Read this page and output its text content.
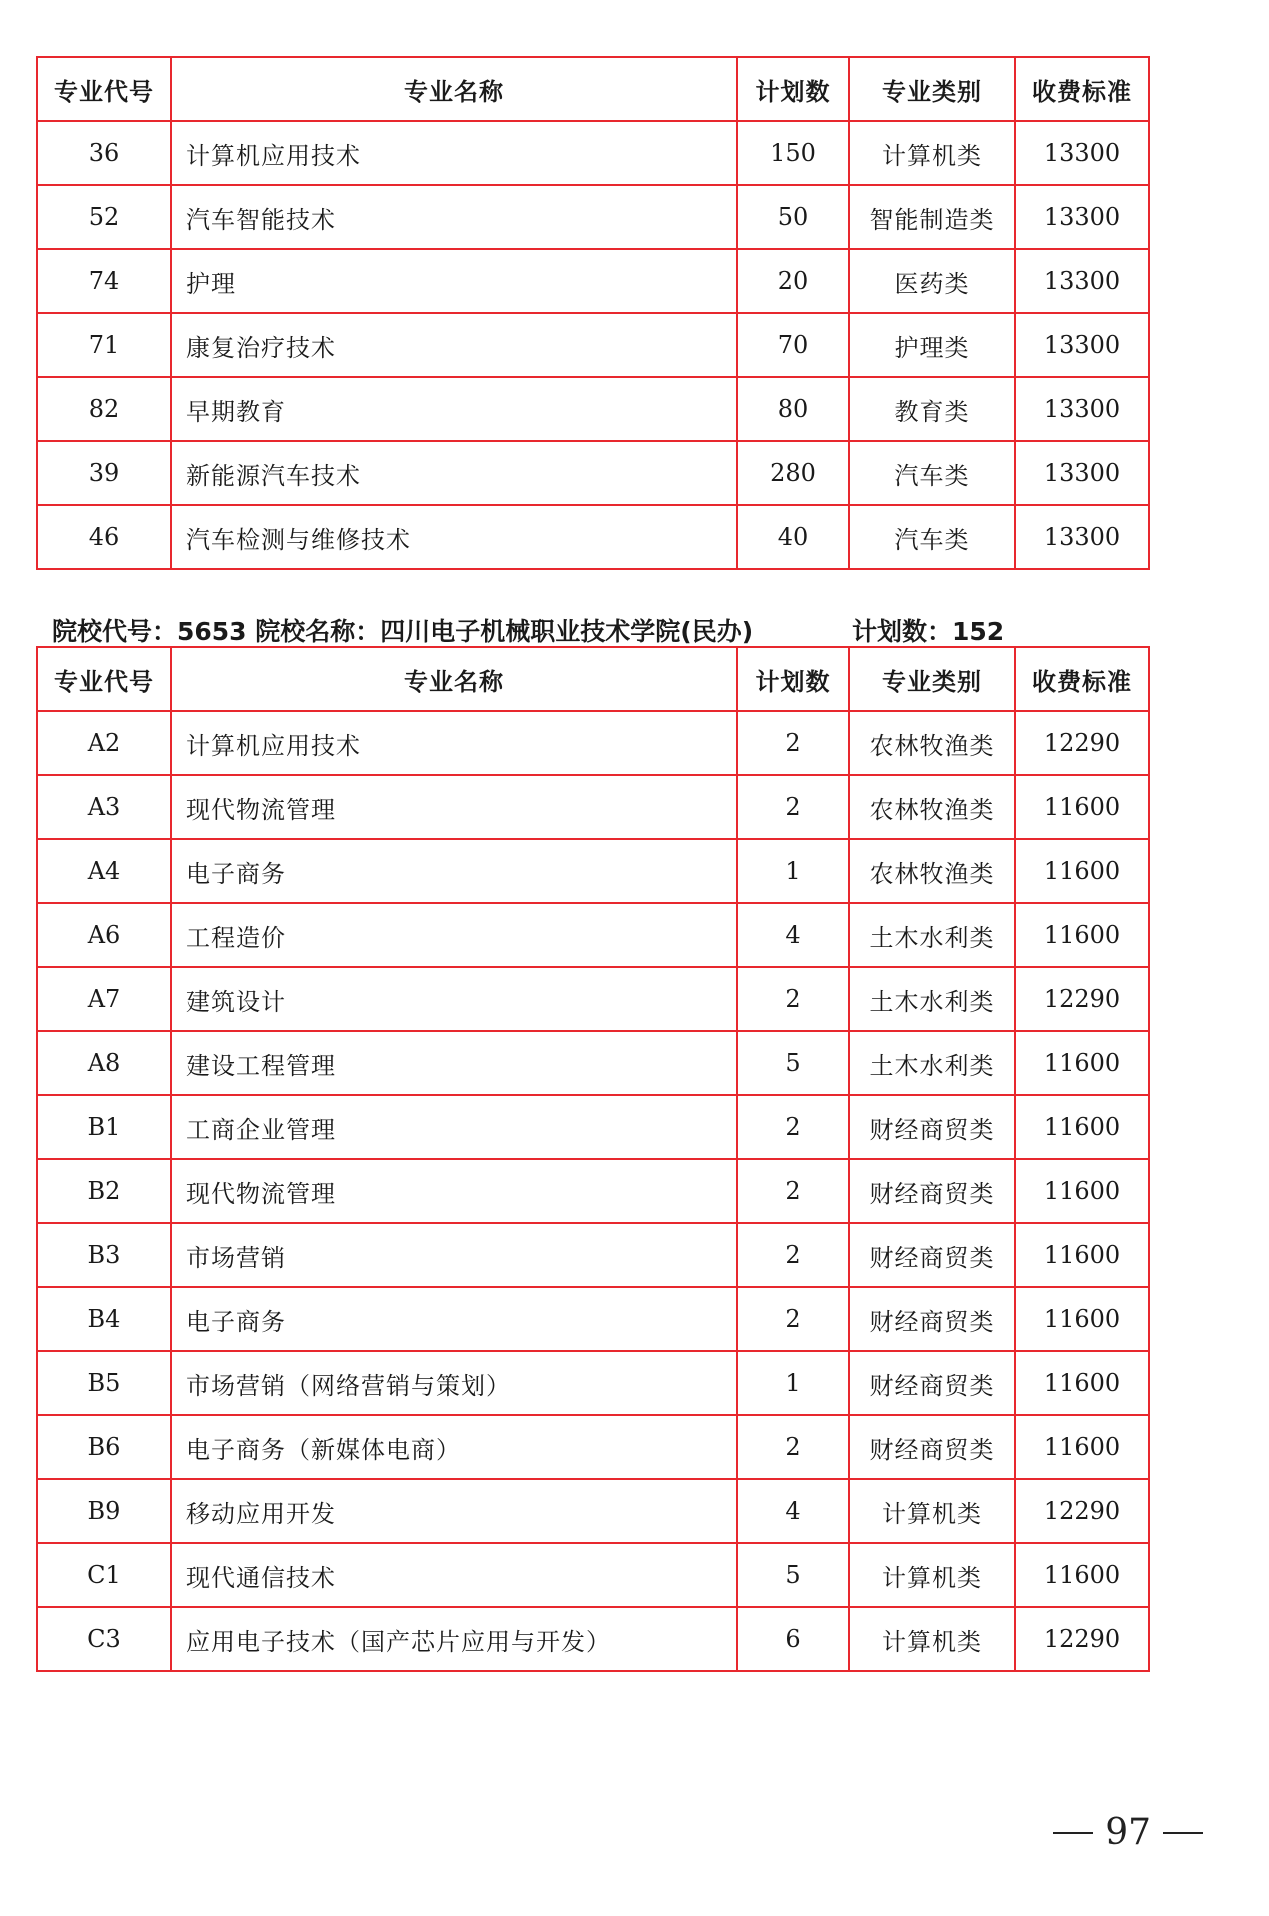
专业代号	专业名称	计划数	专业类别	收费标准
36	计算机应用技术	150	计算机类	13300
52	汽车智能技术	50	智能制造类	13300
74	护理	20	医药类	13300
71	康复治疗技术	70	护理类	13300
82	早期教育	80	教育类	13300
39	新能源汽车技术	280	汽车类	13300
46	汽车检测与维修技术	40	汽车类	13300
院校代号：5653 院校名称：四川电子机械职业技术学院(民办)	计划数：152
专业代号	专业名称	计划数	专业类别	收费标准
A2	计算机应用技术	2	农林牧渔类	12290
A3	现代物流管理	2	农林牧渔类	11600
A4	电子商务	1	农林牧渔类	11600
A6	工程造价	4	土木水利类	11600
A7	建筑设计	2	土木水利类	12290
A8	建设工程管理	5	土木水利类	11600
B1	工商企业管理	2	财经商贸类	11600
B2	现代物流管理	2	财经商贸类	11600
B3	市场营销	2	财经商贸类	11600
B4	电子商务	2	财经商贸类	11600
B5	市场营销（网络营销与策划）	1	财经商贸类	11600
B6	电子商务（新媒体电商）	2	财经商贸类	11600
B9	移动应用开发	4	计算机类	12290
C1	现代通信技术	5	计算机类	11600
C3	应用电子技术（国产芯片应用与开发）	6	计算机类	12290
97
